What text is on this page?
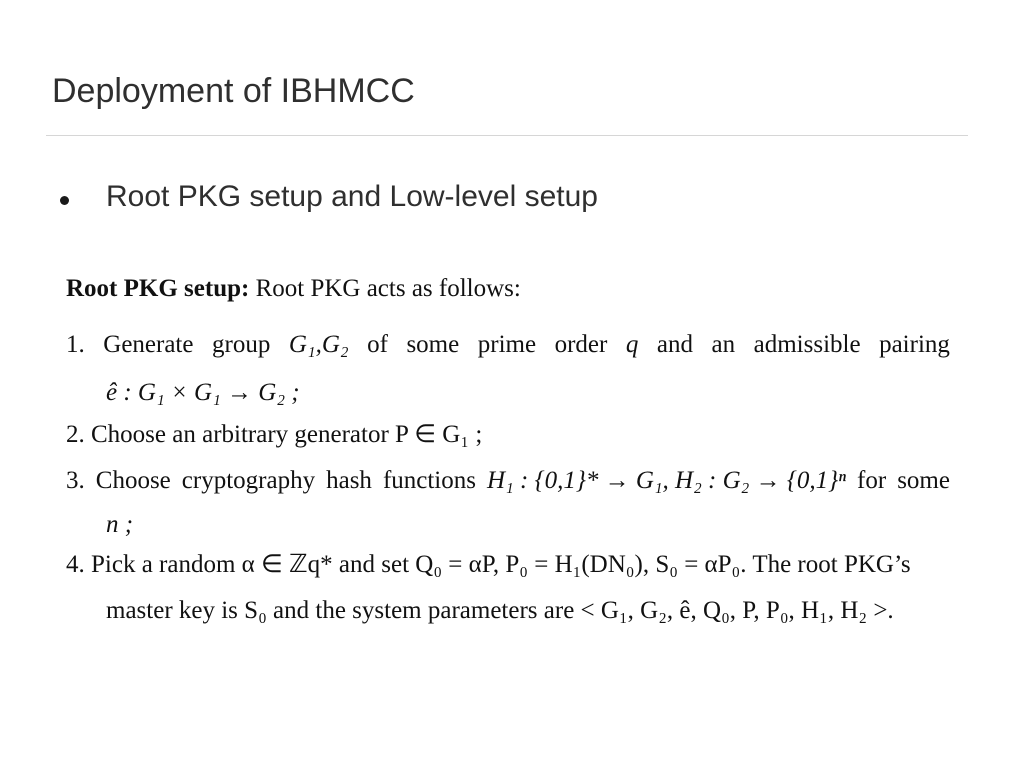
Deployment of IBHMCC
Root PKG setup and Low-level setup
Root PKG setup: Root PKG acts as follows:
1. Generate group G₁,G₂ of some prime order q and an admissible pairing
ê : G₁ × G₁ → G₂ ;
2. Choose an arbitrary generator P ∈ G₁ ;
3. Choose cryptography hash functions H₁ : {0,1}* → G₁, H₂ : G₂ → {0,1}ⁿ for some
n ;
4. Pick a random α ∈ ℤq* and set Q₀ = αP, P₀ = H₁(DN₀), S₀ = αP₀. The root PKG’s
master key is S₀ and the system parameters are < G₁, G₂, ê, Q₀, P, P₀, H₁, H₂ >.
